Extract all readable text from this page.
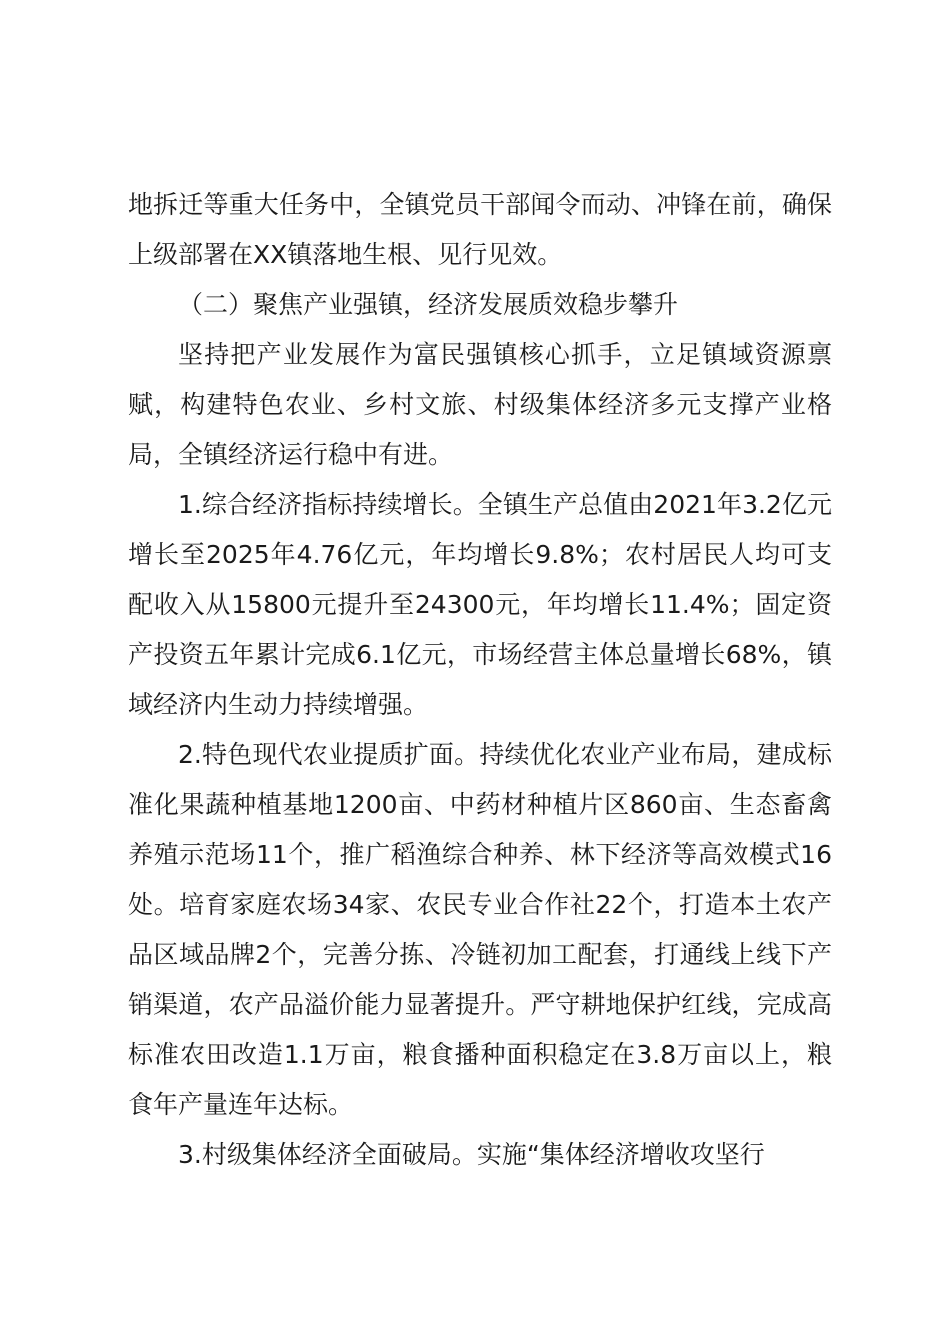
地拆迁等重大任务中，全镇党员干部闻令而动、冲锋在前，确保上级部署在XX镇落地生根、见行见效。

（二）聚焦产业强镇，经济发展质效稳步攀升

坚持把产业发展作为富民强镇核心抓手，立足镇域资源禀赋，构建特色农业、乡村文旅、村级集体经济多元支撑产业格局，全镇经济运行稳中有进。

1.综合经济指标持续增长。全镇生产总值由2021年3.2亿元增长至2025年4.76亿元，年均增长9.8%；农村居民人均可支配收入从15800元提升至24300元，年均增长11.4%；固定资产投资五年累计完成6.1亿元，市场经营主体总量增长68%，镇域经济内生动力持续增强。

2.特色现代农业提质扩面。持续优化农业产业布局，建成标准化果蔬种植基地1200亩、中药材种植片区860亩、生态畜禽养殖示范场11个，推广稻渔综合种养、林下经济等高效模式16处。培育家庭农场34家、农民专业合作社22个，打造本土农产品区域品牌2个，完善分拣、冷链初加工配套，打通线上线下产销渠道，农产品溢价能力显著提升。严守耕地保护红线，完成高标准农田改造1.1万亩，粮食播种面积稳定在3.8万亩以上，粮食年产量连年达标。

3.村级集体经济全面破局。实施“集体经济增收攻坚行
